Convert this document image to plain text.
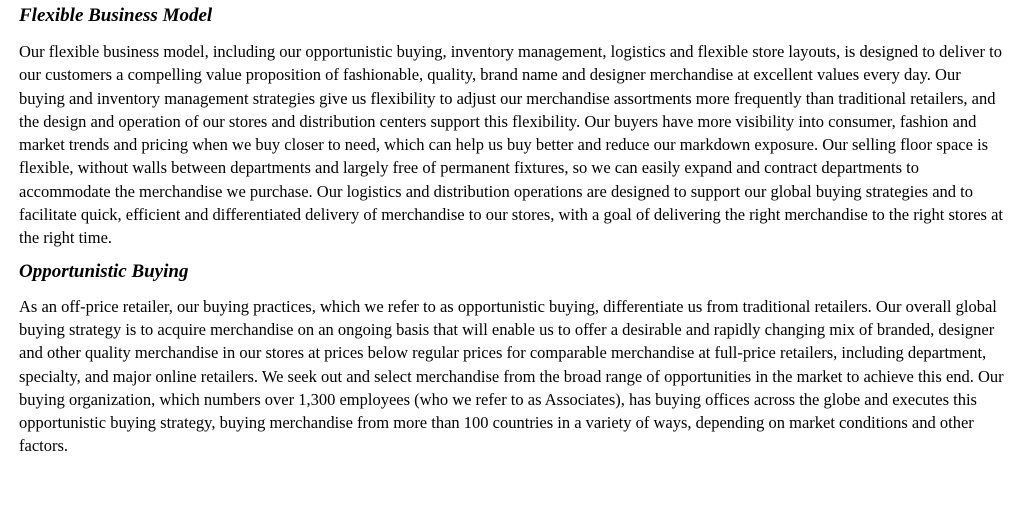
Flexible Business Model

Our flexible business model, including our opportunistic buying, inventory management, logistics and flexible store layouts, is designed to deliver to our customers a compelling value proposition of fashionable, quality, brand name and designer merchandise at excellent values every day. Our buying and inventory management strategies give us flexibility to adjust our merchandise assortments more frequently than traditional retailers, and the design and operation of our stores and distribution centers support this flexibility. Our buyers have more visibility into consumer, fashion and market trends and pricing when we buy closer to need, which can help us buy better and reduce our markdown exposure. Our selling floor space is flexible, without walls between departments and largely free of permanent fixtures, so we can easily expand and contract departments to accommodate the merchandise we purchase. Our logistics and distribution operations are designed to support our global buying strategies and to facilitate quick, efficient and differentiated delivery of merchandise to our stores, with a goal of delivering the right merchandise to the right stores at the right time.

Opportunistic Buying

As an off-price retailer, our buying practices, which we refer to as opportunistic buying, differentiate us from traditional retailers. Our overall global buying strategy is to acquire merchandise on an ongoing basis that will enable us to offer a desirable and rapidly changing mix of branded, designer and other quality merchandise in our stores at prices below regular prices for comparable merchandise at full-price retailers, including department, specialty, and major online retailers. We seek out and select merchandise from the broad range of opportunities in the market to achieve this end. Our buying organization, which numbers over 1,300 employees (who we refer to as Associates), has buying offices across the globe and executes this opportunistic buying strategy, buying merchandise from more than 100 countries in a variety of ways, depending on market conditions and other factors.
